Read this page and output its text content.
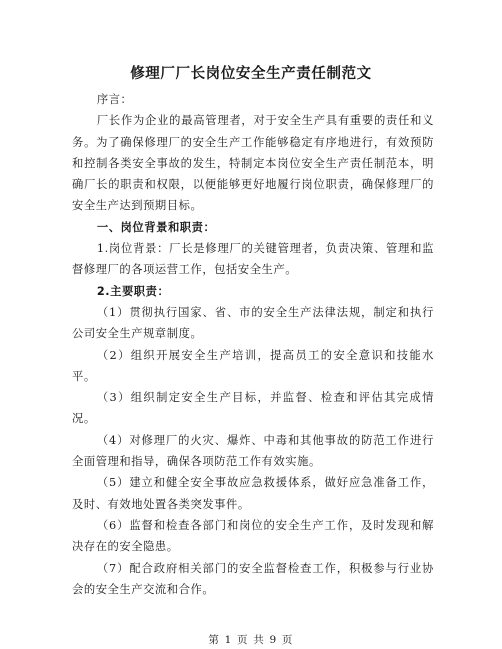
修理厂厂长岗位安全生产责任制范文

序言：

厂长作为企业的最高管理者，对于安全生产具有重要的责任和义务。为了确保修理厂的安全生产工作能够稳定有序地进行，有效预防和控制各类安全事故的发生，特制定本岗位安全生产责任制范本，明确厂长的职责和权限，以便能够更好地履行岗位职责，确保修理厂的安全生产达到预期目标。

一、岗位背景和职责：

1.岗位背景：厂长是修理厂的关键管理者，负责决策、管理和监督修理厂的各项运营工作，包括安全生产。

2.主要职责：

（1）贯彻执行国家、省、市的安全生产法律法规，制定和执行公司安全生产规章制度。

（2）组织开展安全生产培训，提高员工的安全意识和技能水平。

（3）组织制定安全生产目标，并监督、检查和评估其完成情况。

（4）对修理厂的火灾、爆炸、中毒和其他事故的防范工作进行全面管理和指导，确保各项防范工作有效实施。

（5）建立和健全安全事故应急救援体系，做好应急准备工作，及时、有效地处置各类突发事件。

（6）监督和检查各部门和岗位的安全生产工作，及时发现和解决存在的安全隐患。

（7）配合政府相关部门的安全监督检查工作，积极参与行业协会的安全生产交流和合作。

第 1 页 共 9 页
